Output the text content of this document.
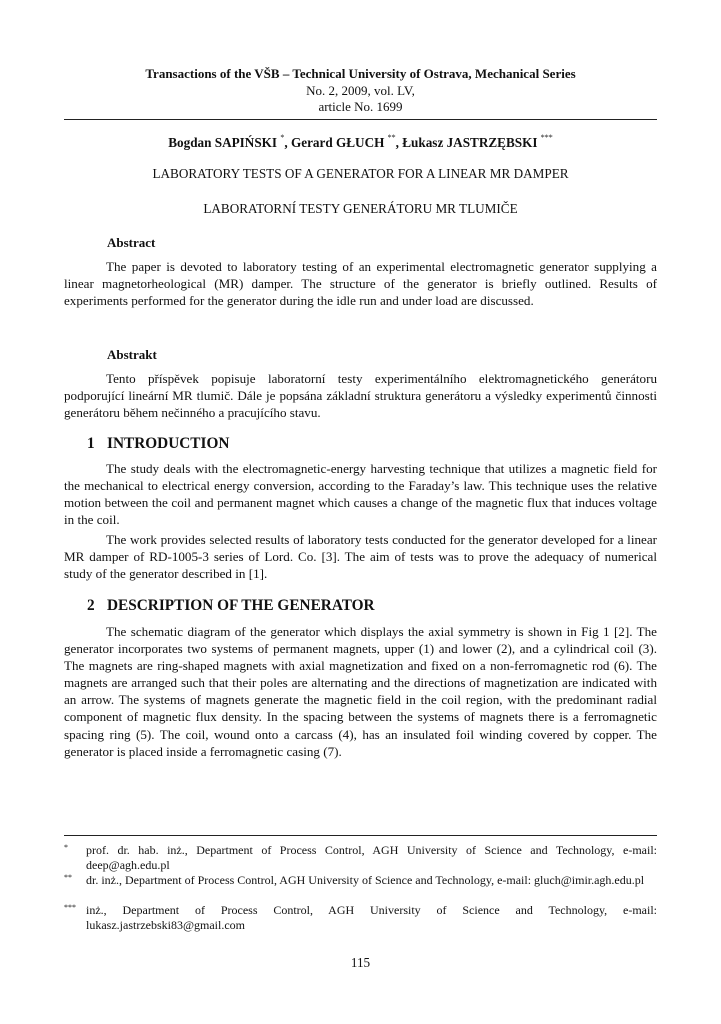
Transactions of the VŠB – Technical University of Ostrava, Mechanical Series
No. 2, 2009, vol. LV,
article No. 1699
Bogdan SAPIŃSKI *, Gerard GŁUCH **, Łukasz JASTRZĘBSKI ***
LABORATORY TESTS OF A GENERATOR FOR A LINEAR MR DAMPER
LABORATORNÍ TESTY GENERÁTORU MR TLUMIČE
Abstract
The paper is devoted to laboratory testing of an experimental electromagnetic generator supplying a linear magnetorheological (MR) damper. The structure of the generator is briefly outlined. Results of experiments performed for the generator during the idle run and under load are discussed.
Abstrakt
Tento příspěvek popisuje laboratorní testy experimentálního elektromagnetického generátoru podporující lineární MR tlumič. Dále je popsána základní struktura generátoru a výsledky experimentů činnosti generátoru během nečinného a pracujícího stavu.
1 INTRODUCTION
The study deals with the electromagnetic-energy harvesting technique that utilizes a magnetic field for the mechanical to electrical energy conversion, according to the Faraday’s law. This technique uses the relative motion between the coil and permanent magnet which causes a change of the magnetic flux that induces voltage in the coil.
The work provides selected results of laboratory tests conducted for the generator developed for a linear MR damper of RD-1005-3 series of Lord. Co. [3]. The aim of tests was to prove the adequacy of numerical study of the generator described in [1].
2 DESCRIPTION OF THE GENERATOR
The schematic diagram of the generator which displays the axial symmetry is shown in Fig 1 [2]. The generator incorporates two systems of permanent magnets, upper (1) and lower (2), and a cylindrical coil (3). The magnets are ring-shaped magnets with axial magnetization and fixed on a non-ferromagnetic rod (6). The magnets are arranged such that their poles are alternating and the directions of magnetization are indicated with an arrow. The systems of magnets generate the magnetic field in the coil region, with the predominant radial component of magnetic flux density. In the spacing between the systems of magnets there is a ferromagnetic spacing ring (5). The coil, wound onto a carcass (4), has an insulated foil winding covered by copper. The generator is placed inside a ferromagnetic casing (7).
* prof. dr. hab. inż., Department of Process Control, AGH University of Science and Technology, e-mail: deep@agh.edu.pl
** dr. inż., Department of Process Control, AGH University of Science and Technology, e-mail: gluch@imir.agh.edu.pl
*** inż., Department of Process Control, AGH University of Science and Technology, e-mail: lukasz.jastrzebski83@gmail.com
115
